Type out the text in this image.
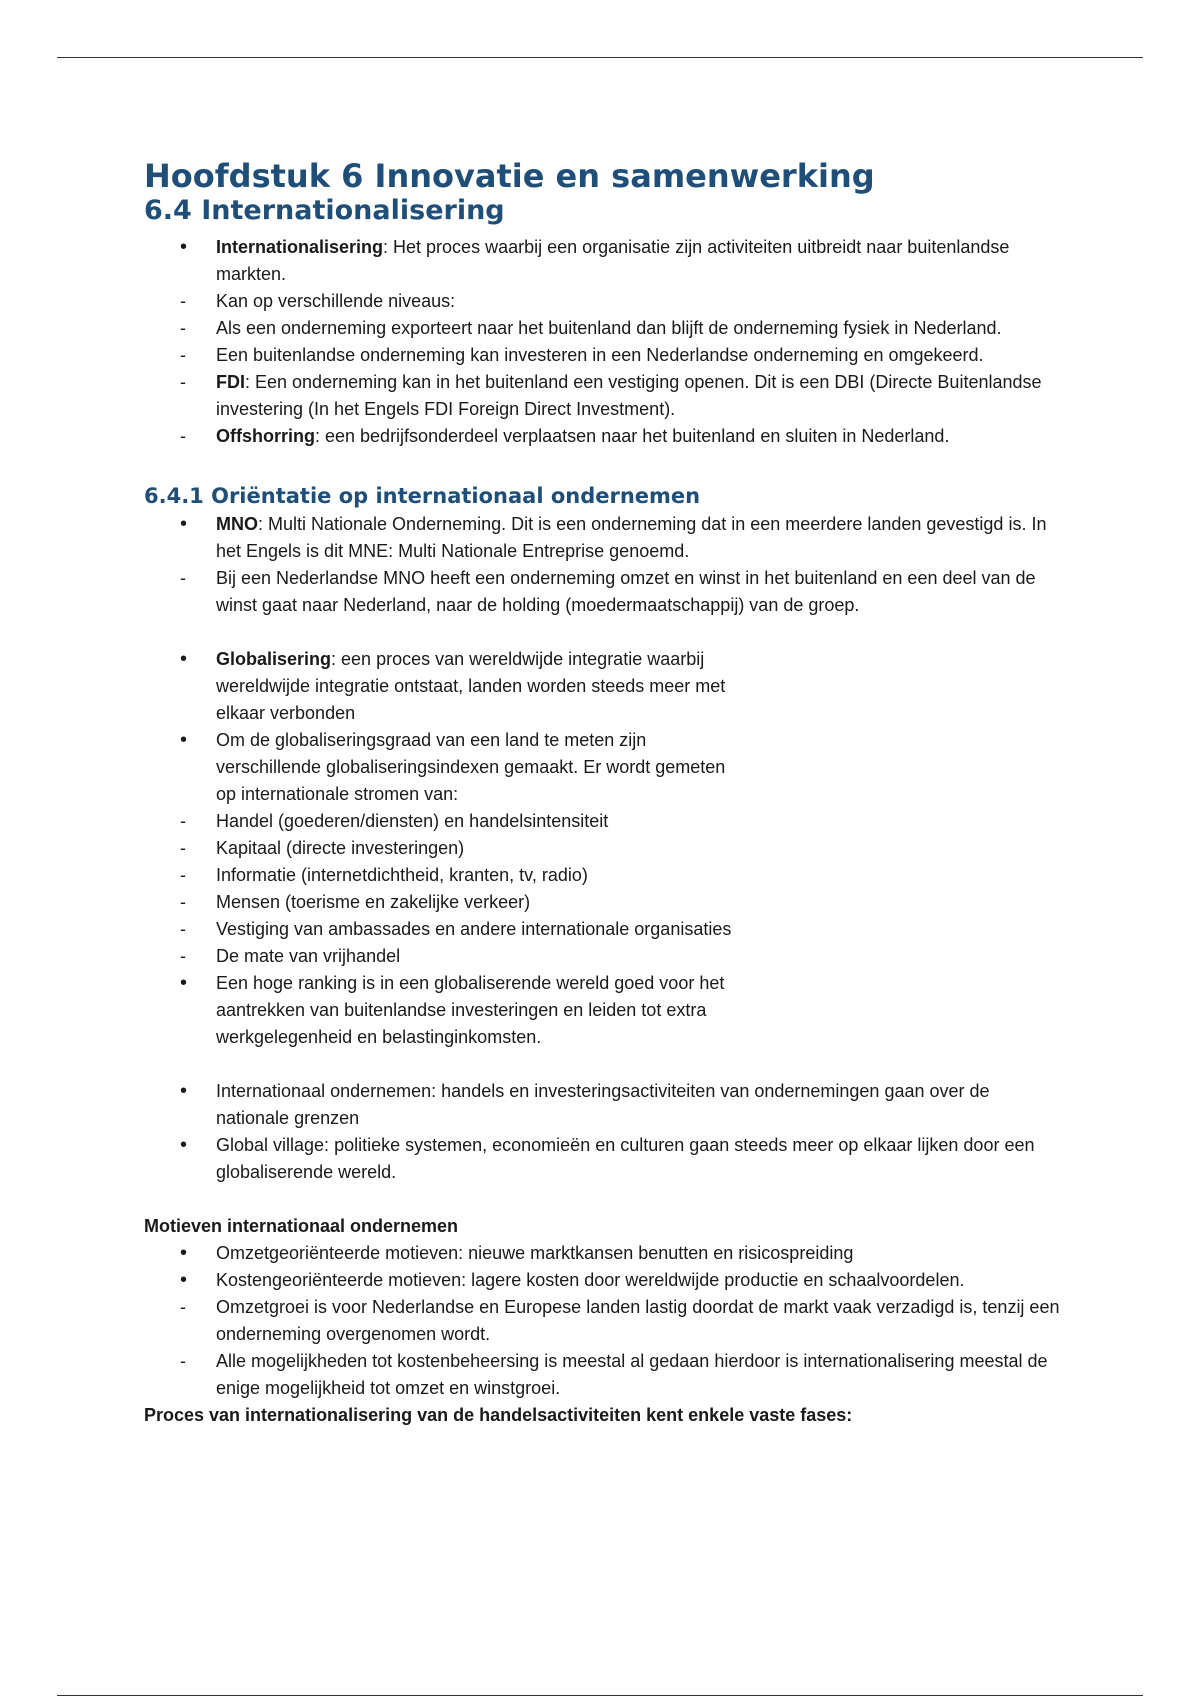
Hoofdstuk 6 Innovatie en samenwerking
6.4 Internationalisering
•
Internationalisering: Het proces waarbij een organisatie zijn activiteiten uitbreidt naar buitenlandse markten.
-
Kan op verschillende niveaus:
-
Als een onderneming exporteert naar het buitenland dan blijft de onderneming fysiek in Nederland.
-
Een buitenlandse onderneming kan investeren in een Nederlandse onderneming en omgekeerd.
-
FDI: Een onderneming kan in het buitenland een vestiging openen. Dit is een DBI (Directe Buitenlandse investering (In het Engels FDI Foreign Direct Investment).
-
Offshorring: een bedrijfsonderdeel verplaatsen naar het buitenland en sluiten in Nederland.
6.4.1 Oriëntatie op internationaal ondernemen
•
MNO: Multi Nationale Onderneming. Dit is een onderneming dat in een meerdere landen gevestigd is. In het Engels is dit MNE: Multi Nationale Entreprise genoemd.
-
Bij een Nederlandse MNO heeft een onderneming omzet en winst in het buitenland en een deel van de winst gaat naar Nederland, naar de holding (moedermaatschappij) van de groep.
•
Globalisering: een proces van wereldwijde integratie waarbij wereldwijde integratie ontstaat, landen worden steeds meer met elkaar verbonden
•
Om de globaliseringsgraad van een land te meten zijn verschillende globaliseringsindexen gemaakt. Er wordt gemeten op internationale stromen van:
-
Handel (goederen/diensten) en handelsintensiteit
-
Kapitaal (directe investeringen)
-
Informatie (internetdichtheid, kranten, tv, radio)
-
Mensen (toerisme en zakelijke verkeer)
-
Vestiging van ambassades en andere internationale organisaties
-
De mate van vrijhandel
•
Een hoge ranking is in een globaliserende wereld goed voor het aantrekken van buitenlandse investeringen en leiden tot extra werkgelegenheid en belastinginkomsten.
•
Internationaal ondernemen: handels en investeringsactiviteiten van ondernemingen gaan over de nationale grenzen
•
Global village: politieke systemen, economieën en culturen gaan steeds meer op elkaar lijken door een globaliserende wereld.
Motieven internationaal ondernemen
•
Omzetgeoriënteerde motieven: nieuwe marktkansen benutten en risicospreiding
•
Kostengeoriënteerde motieven: lagere kosten door wereldwijde productie en schaalvoordelen.
-
Omzetgroei is voor Nederlandse en Europese landen lastig doordat de markt vaak verzadigd is, tenzij een onderneming overgenomen wordt.
-
Alle mogelijkheden tot kostenbeheersing is meestal al gedaan hierdoor is internationalisering meestal de enige mogelijkheid tot omzet en winstgroei.
Proces van internationalisering van de handelsactiviteiten kent enkele vaste fases:
